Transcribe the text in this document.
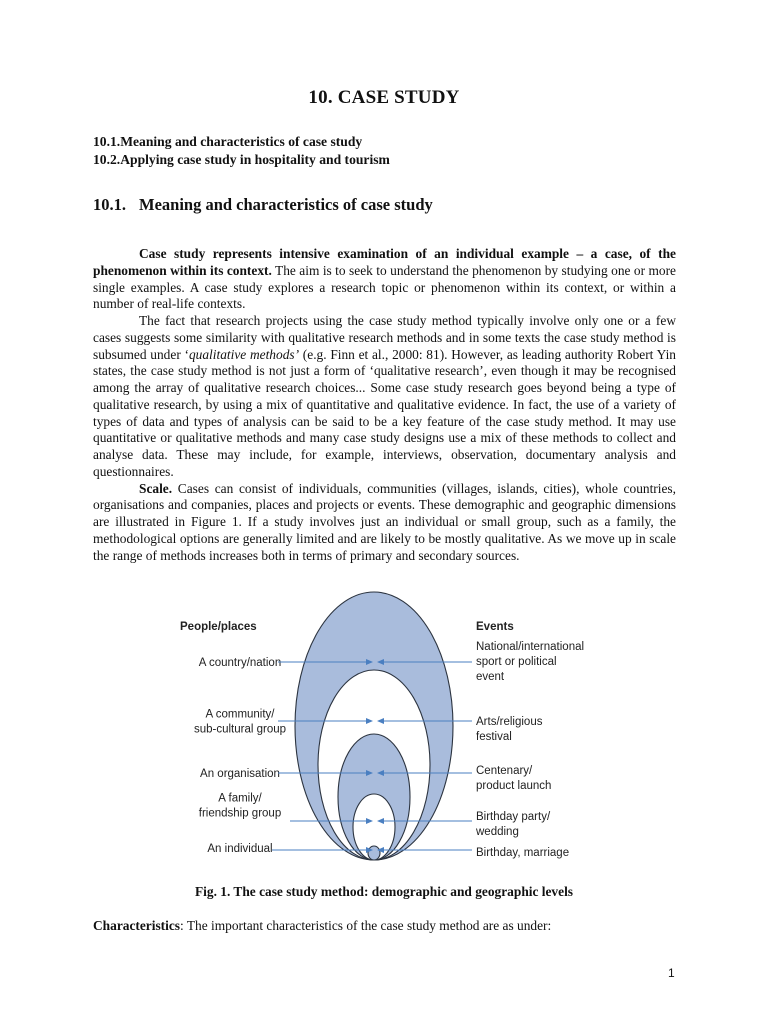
10. CASE STUDY
10.1.Meaning and characteristics of case study
10.2.Applying case study in hospitality and tourism
10.1. Meaning and characteristics of case study

Case study represents intensive examination of an individual example – a case, of the phenomenon within its context. The aim is to seek to understand the phenomenon by studying one or more single examples. A case study explores a research topic or phenomenon within its context, or within a number of real-life contexts.

The fact that research projects using the case study method typically involve only one or a few cases suggests some similarity with qualitative research methods and in some texts the case study method is subsumed under ‘qualitative methods’ (e.g. Finn et al., 2000: 81). However, as leading authority Robert Yin states, the case study method is not just a form of ‘qualitative research’, even though it may be recognised among the array of qualitative research choices... Some case study research goes beyond being a type of qualitative research, by using a mix of quantitative and qualitative evidence. In fact, the use of a variety of types of data and types of analysis can be said to be a key feature of the case study method. It may use quantitative or qualitative methods and many case study designs use a mix of these methods to collect and analyse data. These may include, for example, interviews, observation, documentary analysis and questionnaires.

Scale. Cases can consist of individuals, communities (villages, islands, cities), whole countries, organisations and companies, places and projects or events. These demographic and geographic dimensions are illustrated in Figure 1. If a study involves just an individual or small group, such as a family, the methodological options are generally limited and are likely to be mostly qualitative. As we move up in scale the range of methods increases both in terms of primary and secondary sources.

People/places	Events
A country/nation
A community/
sub-cultural group
An organisation
A family/
friendship group
An individual
National/international
sport or political
event
Arts/religious
festival
Centenary/
product launch
Birthday party/
wedding
Birthday, marriage
Fig. 1. The case study method: demographic and geographic levels
Characteristics: The important characteristics of the case study method are as under:
1
